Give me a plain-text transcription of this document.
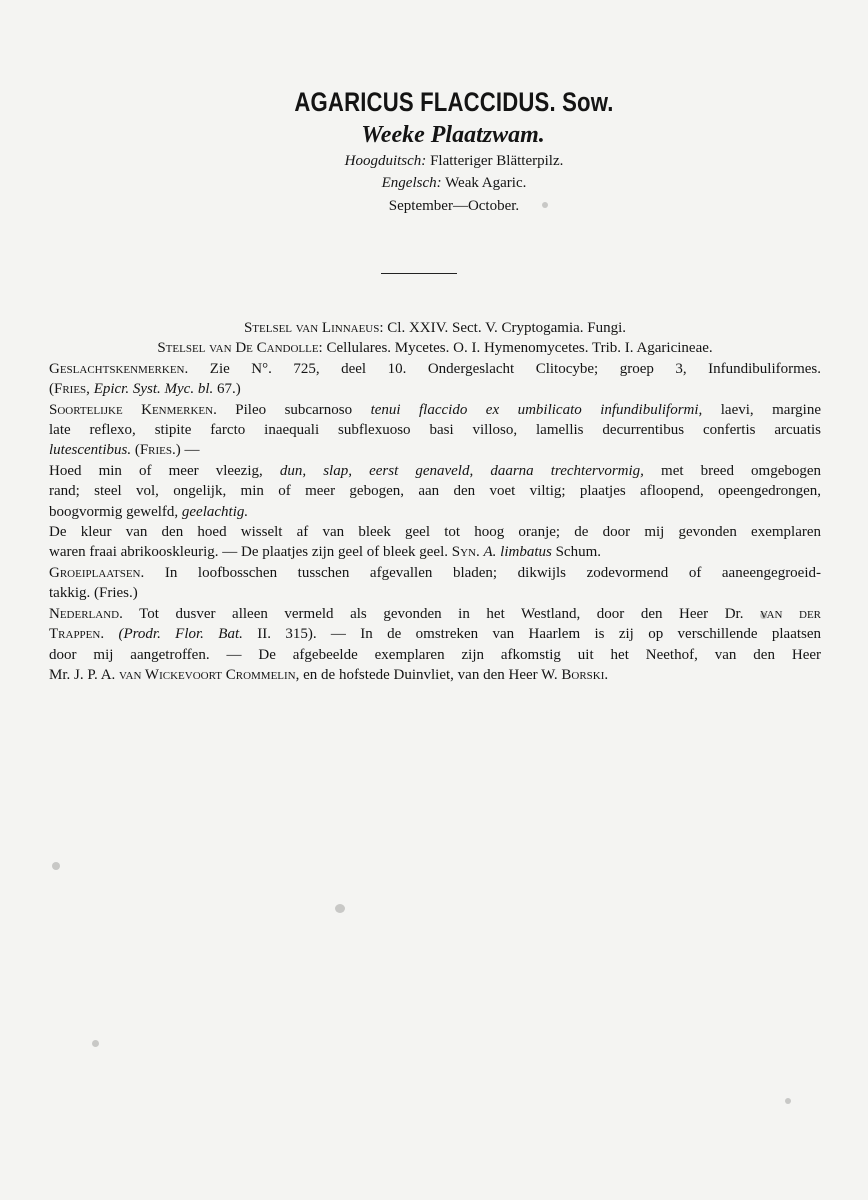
AGARICUS FLACCIDUS. Sow.
Weeke Plaatzwam.
Hoogduitsch: Flatteriger Blätterpilz.
Engelsch: Weak Agaric.
September—October.
Stelsel van Linnaeus: Cl. XXIV. Sect. V. Cryptogamia. Fungi.
Stelsel van De Candolle: Cellulares. Mycetes. O. I. Hymenomycetes. Trib. I. Agaricineae.
Geslachtskenmerken. Zie N°. 725, deel 10. Ondergeslacht Clitocybe; groep 3, Infundibuliformes.
(Fries, Epicr. Syst. Myc. bl. 67.)
Soortelijke Kenmerken. Pileo subcarnoso tenui flaccido ex umbilicato infundibuliformi, laevi, margine
late reflexo, stipite farcto inaequali subflexuoso basi villoso, lamellis decurrentibus confertis arcuatis
lutescentibus. (Fries.) —
Hoed min of meer vleezig, dun, slap, eerst genaveld, daarna trechtervormig, met breed omgebogen
rand; steel vol, ongelijk, min of meer gebogen, aan den voet viltig; plaatjes afloopend, opeengedrongen,
boogvormig gewelfd, geelachtig.
De kleur van den hoed wisselt af van bleek geel tot hoog oranje; de door mij gevonden exemplaren
waren fraai abrikooskleurig. — De plaatjes zijn geel of bleek geel. Syn. A. limbatus Schum.
Groeiplaatsen. In loofbosschen tusschen afgevallen bladen; dikwijls zodevormend of aaneengegroeid-
takkig. (Fries.)
Nederland. Tot dusver alleen vermeld als gevonden in het Westland, door den Heer Dr. van der
Trappen. (Prodr. Flor. Bat. II. 315). — In de omstreken van Haarlem is zij op verschillende plaatsen
door mij aangetroffen. — De afgebeelde exemplaren zijn afkomstig uit het Neethof, van den Heer
Mr. J. P. A. van Wickevoort Crommelin, en de hofstede Duinvliet, van den Heer W. Borski.
